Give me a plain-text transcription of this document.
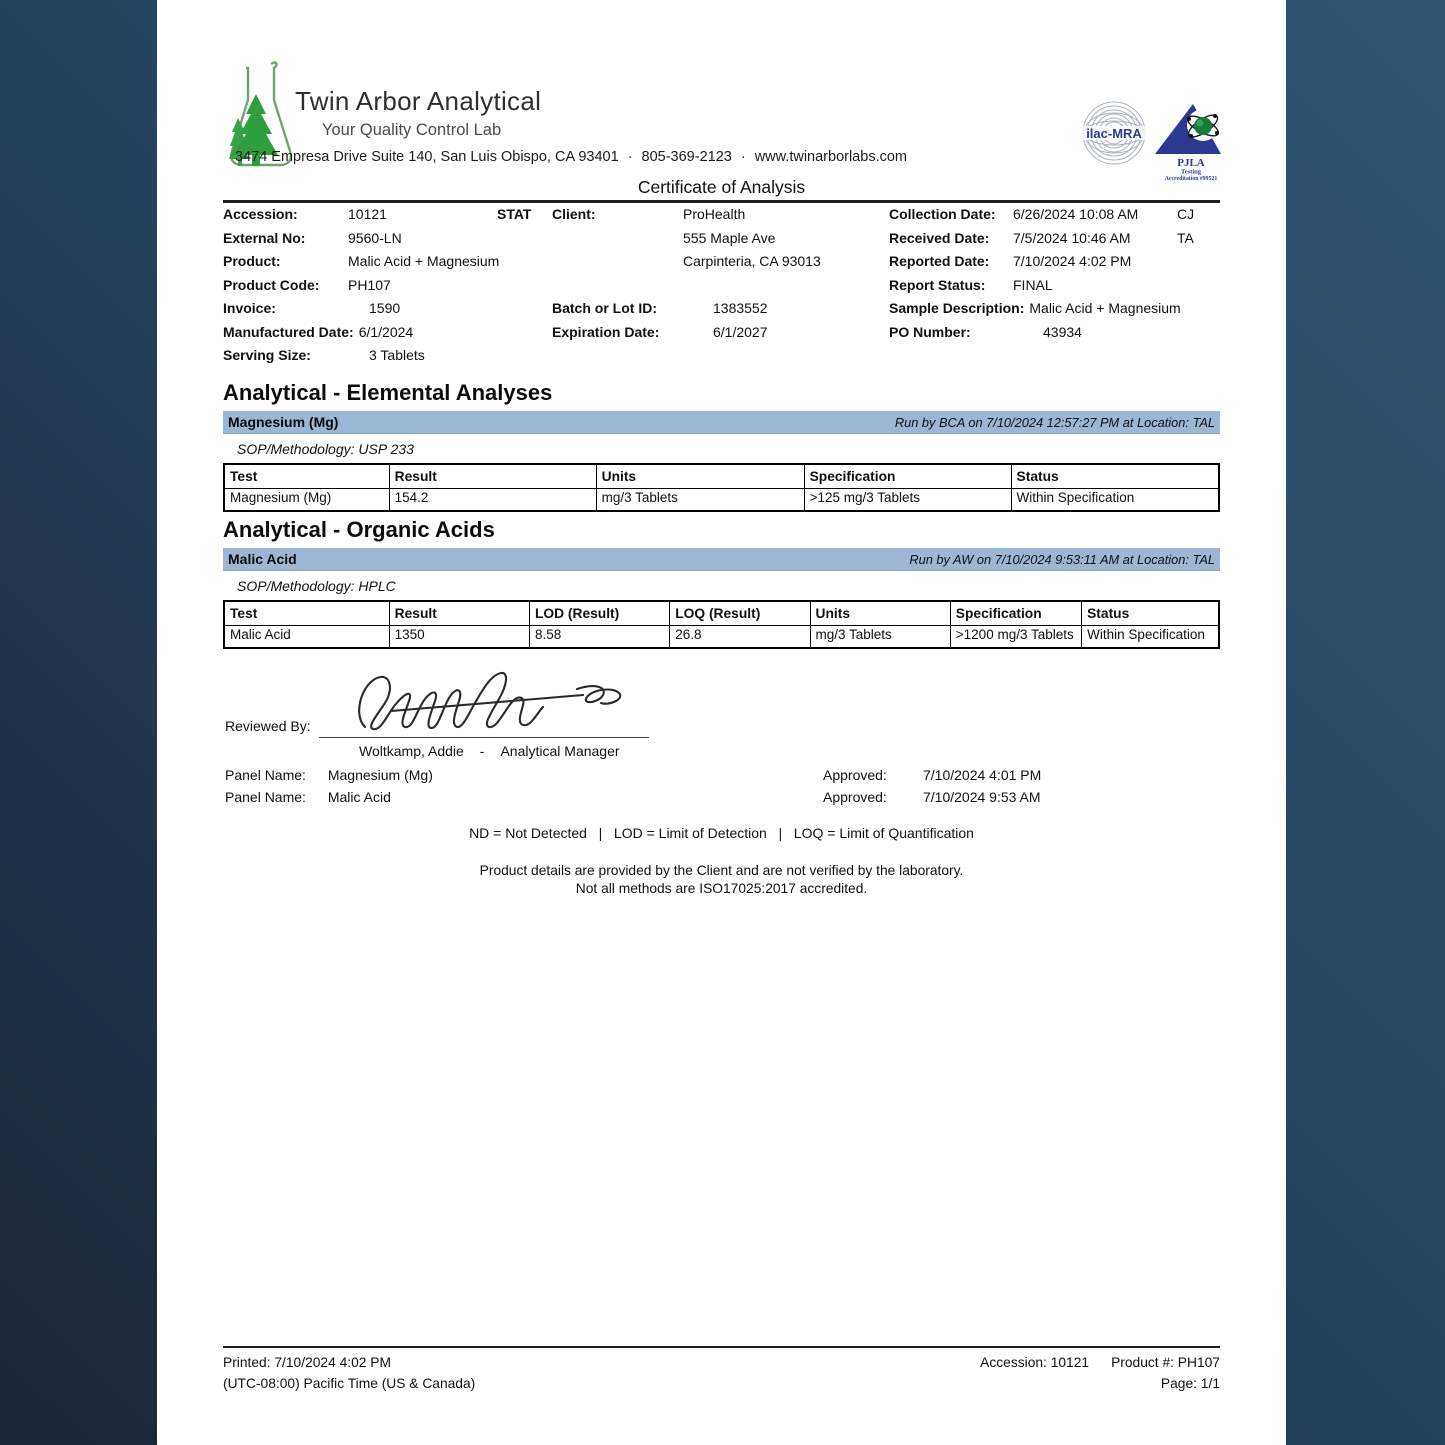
Twin Arbor Analytical
Your Quality Control Lab
3474 Empresa Drive Suite 140, San Luis Obispo, CA 93401 · 805-369-2123 · www.twinarborlabs.com
ilac-MRA
PJLA
Testing
Accreditation #99521
Certificate of Analysis
Accession:	10121	STAT
External No:	9560-LN
Product:	Malic Acid + Magnesium
Product Code: PH107
Invoice:	1590
Manufactured Date: 6/1/2024
Serving Size:	3 Tablets
Client:	ProHealth
555 Maple Ave
Carpinteria, CA 93013
Batch or Lot ID:	1383552
Expiration Date:	6/1/2027
Collection Date: 6/26/2024 10:08 AM	CJ
Received Date: 7/5/2024 10:46 AM	TA
Reported Date: 7/10/2024 4:02 PM
Report Status: FINAL
Sample Description: Malic Acid + Magnesium
PO Number:	43934
Analytical - Elemental Analyses
Magnesium (Mg)	Run by BCA on 7/10/2024 12:57:27 PM at Location: TAL
SOP/Methodology: USP 233
Test	Result	Units	Specification	Status
Magnesium (Mg)	154.2	mg/3 Tablets	>125 mg/3 Tablets	Within Specification
Analytical - Organic Acids
Malic Acid	Run by AW on 7/10/2024 9:53:11 AM at Location: TAL
SOP/Methodology: HPLC
Test	Result	LOD (Result)	LOQ (Result)	Units	Specification	Status
Malic Acid	1350	8.58	26.8	mg/3 Tablets	>1200 mg/3 Tablets	Within Specification
Reviewed By:
Woltkamp, Addie - Analytical Manager
Panel Name: Magnesium (Mg)	Approved:	7/10/2024 4:01 PM
Panel Name: Malic Acid	Approved:	7/10/2024 9:53 AM
ND = Not Detected   |   LOD = Limit of Detection   |   LOQ = Limit of Quantification
Product details are provided by the Client and are not verified by the laboratory.
Not all methods are ISO17025:2017 accredited.
Printed: 7/10/2024 4:02 PM
(UTC-08:00) Pacific Time (US & Canada)
Accession: 10121 Product #: PH107
Page: 1/1
